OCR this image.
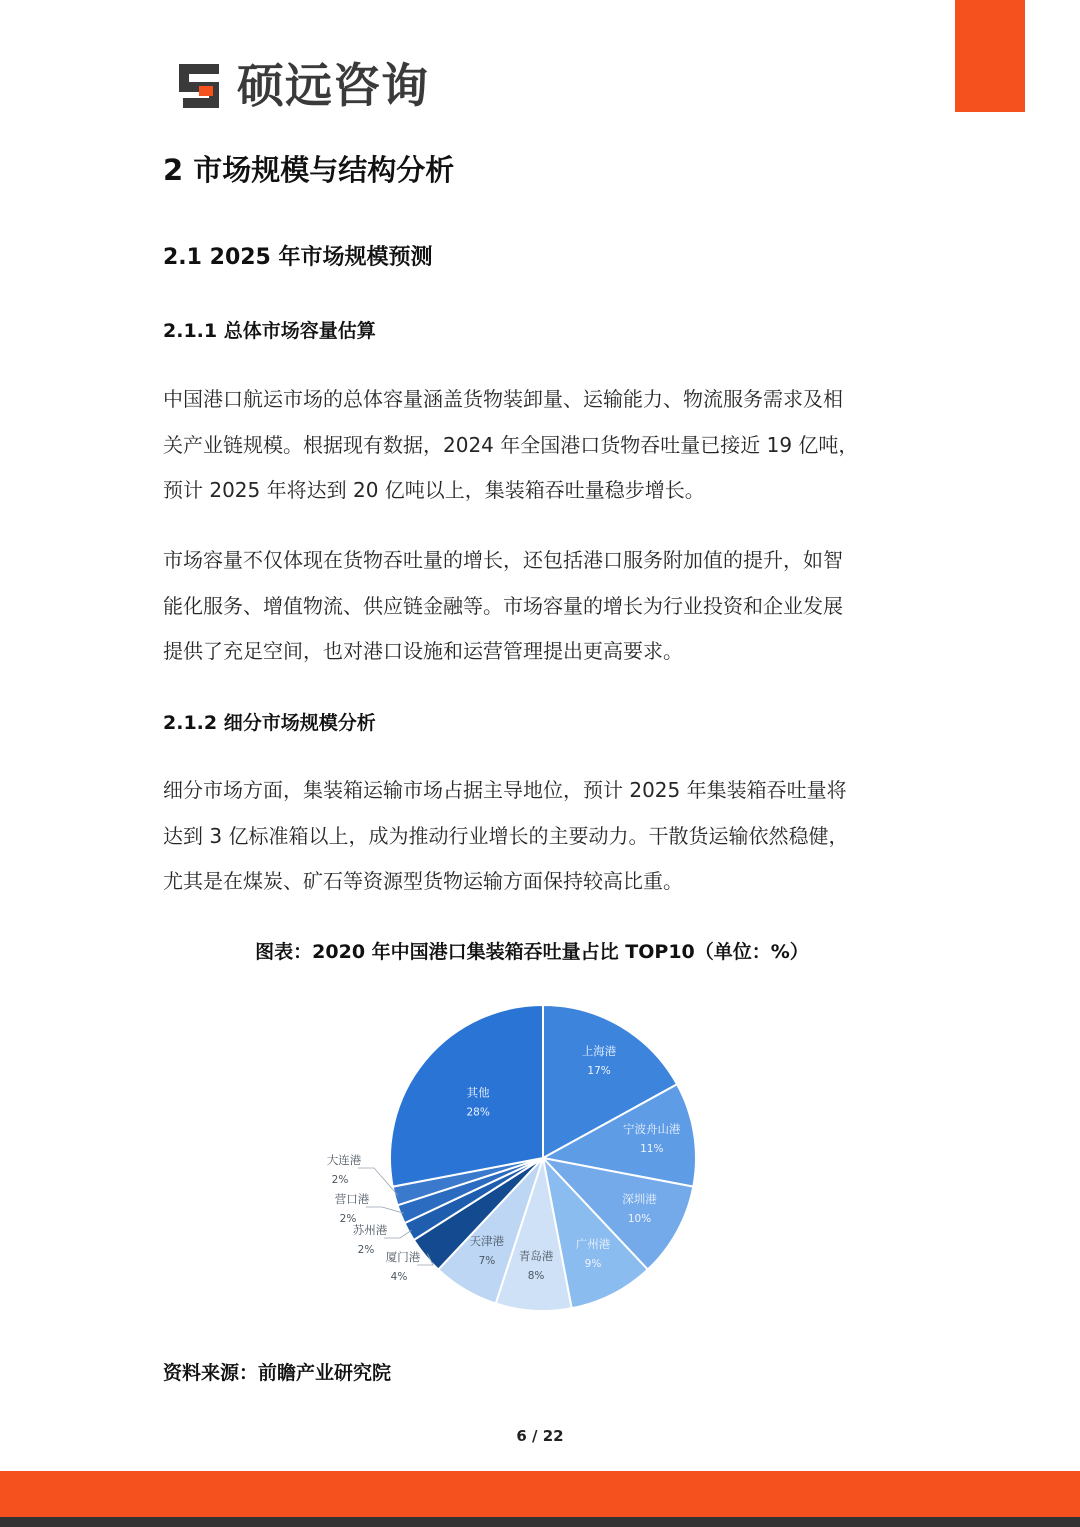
硕远咨询
2 市场规模与结构分析
2.1 2025 年市场规模预测
2.1.1 总体市场容量估算
中国港口航运市场的总体容量涵盖货物装卸量、运输能力、物流服务需求及相
关产业链规模。根据现有数据，2024 年全国港口货物吞吐量已接近 19 亿吨，
预计 2025 年将达到 20 亿吨以上，集装箱吞吐量稳步增长。
市场容量不仅体现在货物吞吐量的增长，还包括港口服务附加值的提升，如智
能化服务、增值物流、供应链金融等。市场容量的增长为行业投资和企业发展
提供了充足空间，也对港口设施和运营管理提出更高要求。
2.1.2 细分市场规模分析
细分市场方面，集装箱运输市场占据主导地位，预计 2025 年集装箱吞吐量将
达到 3 亿标准箱以上，成为推动行业增长的主要动力。干散货运输依然稳健，
尤其是在煤炭、矿石等资源型货物运输方面保持较高比重。
图表：2020 年中国港口集装箱吞吐量占比 TOP10（单位：%）
上海港
17%
宁波舟山港
11%
深圳港
10%
广州港
9%
青岛港
8%
天津港
7%
厦门港
4%
苏州港
2%
营口港
2%
大连港
2%
其他
28%
资料来源：前瞻产业研究院
6 / 22
